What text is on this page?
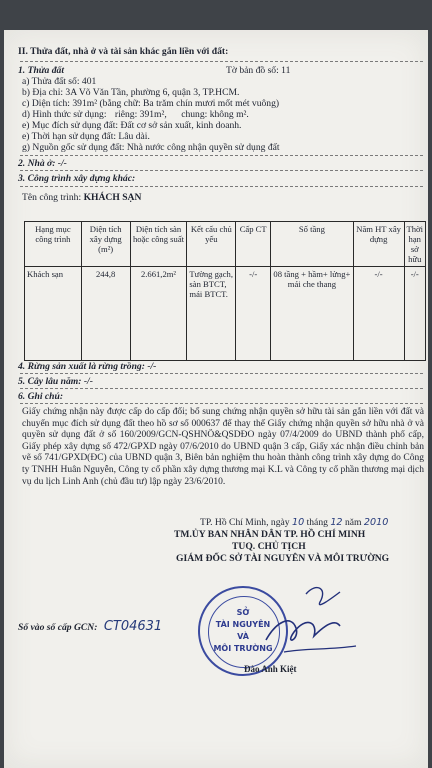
II. Thửa đất, nhà ở và tài sản khác gắn liền với đất:
1. Thửa đất	Tờ bản đồ số: 11
a) Thửa đất số: 401
b) Địa chỉ: 3A Võ Văn Tần, phường 6, quận 3, TP.HCM.
c) Diện tích: 391m² (bằng chữ: Ba trăm chín mươi mốt mét vuông)
d) Hình thức sử dụng: riêng: 391m², chung: không m².
e) Mục đích sử dụng đất: Đất cơ sở sản xuất, kinh doanh.
e) Thời hạn sử dụng đất: Lâu dài.
g) Nguồn gốc sử dụng đất: Nhà nước công nhận quyền sử dụng đất
2. Nhà ở: -/-
3. Công trình xây dựng khác:
Tên công trình: KHÁCH SẠN
Hạng mục công trình	Diện tích xây dựng (m²)	Diện tích sàn hoặc công suất	Kết cấu chủ yếu	Cấp CT	Số tầng	Năm HT xây dựng	Thời hạn sở hữu
Khách sạn	244,8	2.661,2m²	Tường gạch, sàn BTCT, mái BTCT.	-/-	08 tầng + hầm+ lửng+ mái che thang	-/-	-/-
4. Rừng sản xuất là rừng trồng: -/-
5. Cây lâu năm: -/-
6. Ghi chú:
Giấy chứng nhận này được cấp do cấp đổi; bổ sung chứng nhận quyền sở hữu tài sản gắn liền với đất và chuyển mục đích sử dụng đất theo hồ sơ số 000637 để thay thế Giấy chứng nhận quyền sở hữu nhà ở và quyền sử dụng đất ở số 160/2009/GCN-QSHNÖ&QSDĐO ngày 07/4/2009 do UBND thành phố cấp, Giấy phép xây dựng số 472/GPXD ngày 07/6/2010 do UBND quận 3 cấp, Giấy xác nhận điều chỉnh bản vẽ số 741/GPXD(ĐC) của UBND quận 3, Biên bản nghiệm thu hoàn thành công trình xây dựng do Công ty TNHH Huân Nguyễn, Công ty cổ phần xây dựng thương mại K.L và Công ty cổ phần thương mại dịch vụ du lịch Linh Anh (chủ đầu tư) lập ngày 23/6/2010.
TP. Hồ Chí Minh, ngày 10 tháng 12 năm 2010
TM.ỦY BAN NHÂN DÂN TP. HỒ CHÍ MINH
TUQ. CHỦ TỊCH
GIÁM ĐỐC SỞ TÀI NGUYÊN VÀ MÔI TRƯỜNG
SỞ
TÀI NGUYÊN
VÀ
MÔI TRƯỜNG
Đào Anh Kiệt
Số vào số cấp GCN: CT04631
